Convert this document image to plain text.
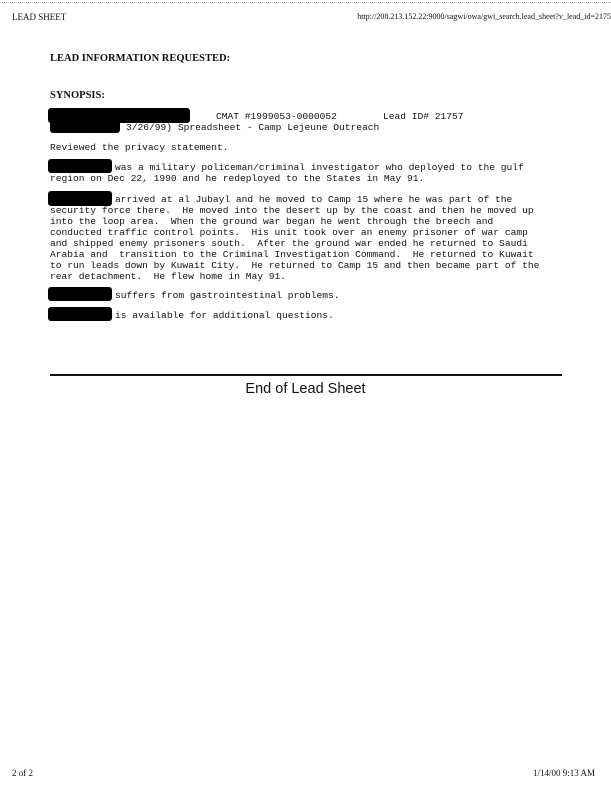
LEAD SHEET	http://208.213.152.22:9000/sagwi/owa/gwi_search.lead_sheet?v_lead_id=2175
LEAD INFORMATION REQUESTED:
SYNOPSIS:
CMAT #1999053-0000052        Lead ID# 21757
3/26/99) Spreadsheet - Camp Lejeune Outreach
Reviewed the privacy statement.
was a military policeman/criminal investigator who deployed to the gulf
region on Dec 22, 1990 and he redeployed to the States in May 91.
arrived at al Jubayl and he moved to Camp 15 where he was part of the
security force there.  He moved into the desert up by the coast and then he moved up
into the loop area.  When the ground war began he went through the breech and
conducted traffic control points.  His unit took over an enemy prisoner of war camp
and shipped enemy prisoners south.  After the ground war ended he returned to Saudi
Arabia and  transition to the Criminal Investigation Command.  He returned to Kuwait
to run leads down by Kuwait City.  He returned to Camp 15 and then became part of the
rear detachment.  He flew home in May 91.
suffers from gastrointestinal problems.
is available for additional questions.
End of Lead Sheet
2 of 2	1/14/00 9:13 AM
